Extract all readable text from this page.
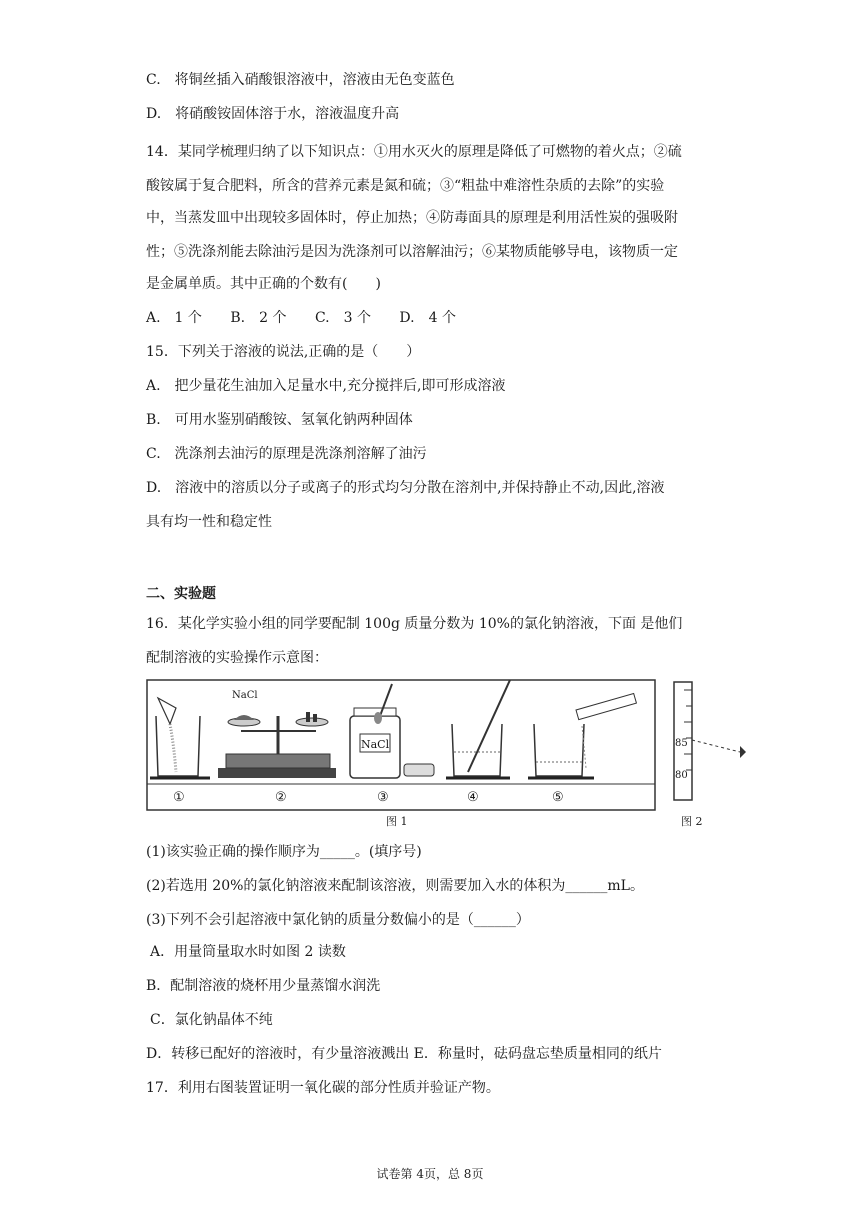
C.　将铜丝插入硝酸银溶液中，溶液由无色变蓝色
D.　将硝酸铵固体溶于水，溶液温度升高
14．某同学梳理归纳了以下知识点：①用水灭火的原理是降低了可燃物的着火点；②硫
酸铵属于复合肥料，所含的营养元素是氮和硫；③“粗盐中难溶性杂质的去除”的实验
中，当蒸发皿中出现较多固体时，停止加热；④防毒面具的原理是利用活性炭的强吸附
性；⑤洗涤剂能去除油污是因为洗涤剂可以溶解油污；⑥某物质能够导电，该物质一定
是金属单质。其中正确的个数有(　　)
A.　1 个 B.　2 个 C.　3 个 D.　4 个
15．下列关于溶液的说法,正确的是（　　）
A.　把少量花生油加入足量水中,充分搅拌后,即可形成溶液
B.　可用水鉴别硝酸铵、氢氧化钠两种固体
C.　洗涤剂去油污的原理是洗涤剂溶解了油污
D.　溶液中的溶质以分子或离子的形式均匀分散在溶剂中,并保持静止不动,因此,溶液
具有均一性和稳定性
二、实验题
16．某化学实验小组的同学要配制 100g 质量分数为 10%的氯化钠溶液，下面 是他们
配制溶液的实验操作示意图：
NaCl
NaCl	85
80
①	②	③	④	⑤
图 1	图 2
(1)该实验正确的操作顺序为_____。(填序号)
(2)若选用 20%的氯化钠溶液来配制该溶液，则需要加入水的体积为______mL。
(3)下列不会引起溶液中氯化钠的质量分数偏小的是（______）
A．用量筒量取水时如图 2 读数
B．配制溶液的烧杯用少量蒸馏水润洗
C．氯化钠晶体不纯
D．转移已配好的溶液时，有少量溶液溅出 E．称量时，砝码盘忘垫质量相同的纸片
17．利用右图装置证明一氧化碳的部分性质并验证产物。
试卷第 4页，总 8页
